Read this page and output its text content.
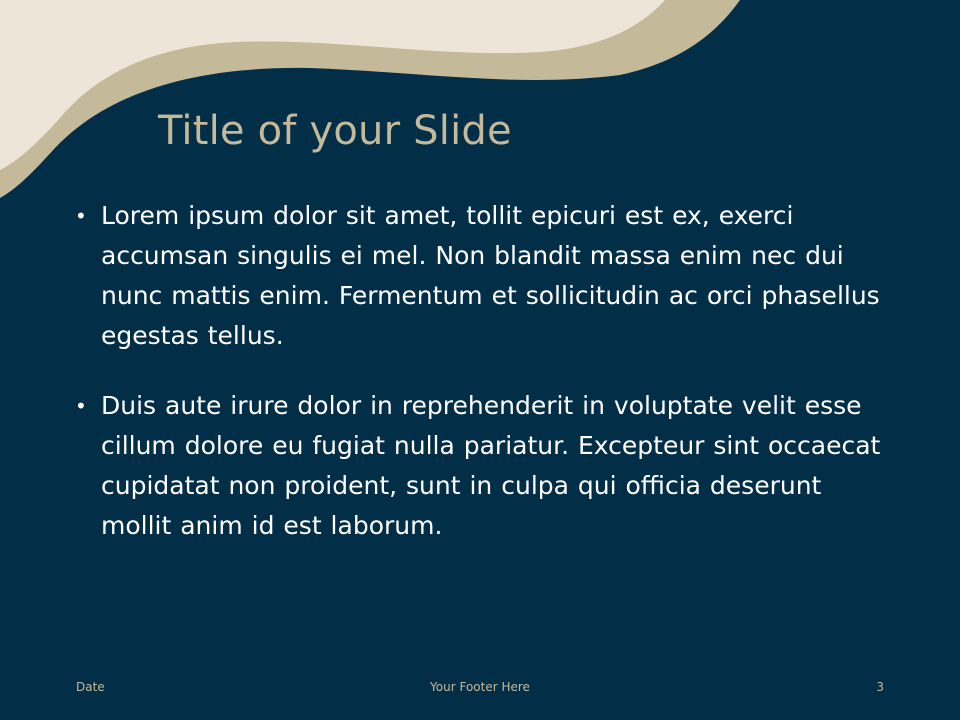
Title of your Slide
• Lorem ipsum dolor sit amet, tollit epicuri est ex, exerci accumsan singulis ei mel. Non blandit massa enim nec dui nunc mattis enim. Fermentum et sollicitudin ac orci phasellus egestas tellus.
• Duis aute irure dolor in reprehenderit in voluptate velit esse cillum dolore eu fugiat nulla pariatur. Excepteur sint occaecat cupidatat non proident, sunt in culpa qui officia deserunt mollit anim id est laborum.
Date	Your Footer Here	3
